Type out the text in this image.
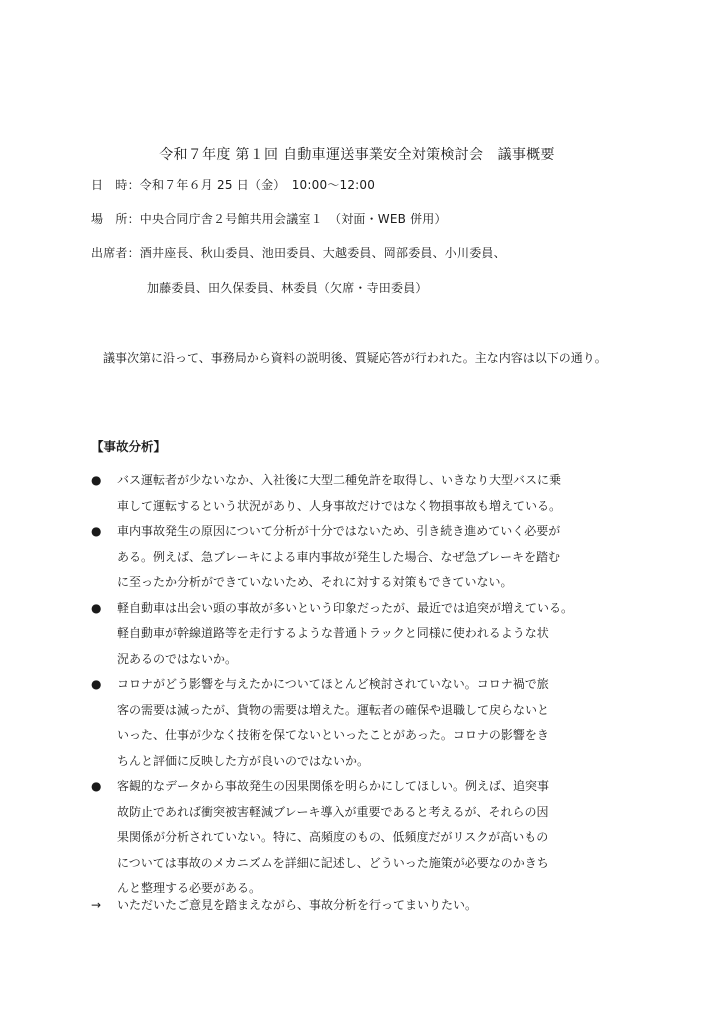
令和７年度 第１回 自動車運送事業安全対策検討会　議事概要
日　時：令和７年６月 25 日（金）　10:00～12:00
場　所：中央合同庁舎２号館共用会議室１　（対面・WEB 併用）
出席者：酒井座長、秋山委員、池田委員、大越委員、岡部委員、小川委員、
加藤委員、田久保委員、林委員（欠席・寺田委員）
議事次第に沿って、事務局から資料の説明後、質疑応答が行われた。主な内容は以下の通り。
【事故分析】
● バス運転者が少ないなか、入社後に大型二種免許を取得し、いきなり大型バスに乗
車して運転するという状況があり、人身事故だけではなく物損事故も増えている。
● 車内事故発生の原因について分析が十分ではないため、引き続き進めていく必要が
ある。例えば、急ブレーキによる車内事故が発生した場合、なぜ急ブレーキを踏む
に至ったか分析ができていないため、それに対する対策もできていない。
● 軽自動車は出会い頭の事故が多いという印象だったが、最近では追突が増えている。
軽自動車が幹線道路等を走行するような普通トラックと同様に使われるような状
況あるのではないか。
● コロナがどう影響を与えたかについてほとんど検討されていない。コロナ禍で旅
客の需要は減ったが、貨物の需要は増えた。運転者の確保や退職して戻らないと
いった、仕事が少なく技術を保てないといったことがあった。コロナの影響をき
ちんと評価に反映した方が良いのではないか。
● 客観的なデータから事故発生の因果関係を明らかにしてほしい。例えば、追突事
故防止であれば衝突被害軽減ブレーキ導入が重要であると考えるが、それらの因
果関係が分析されていない。特に、高頻度のもの、低頻度だがリスクが高いもの
については事故のメカニズムを詳細に記述し、どういった施策が必要なのかきち
んと整理する必要がある。
→ いただいたご意見を踏まえながら、事故分析を行ってまいりたい。
